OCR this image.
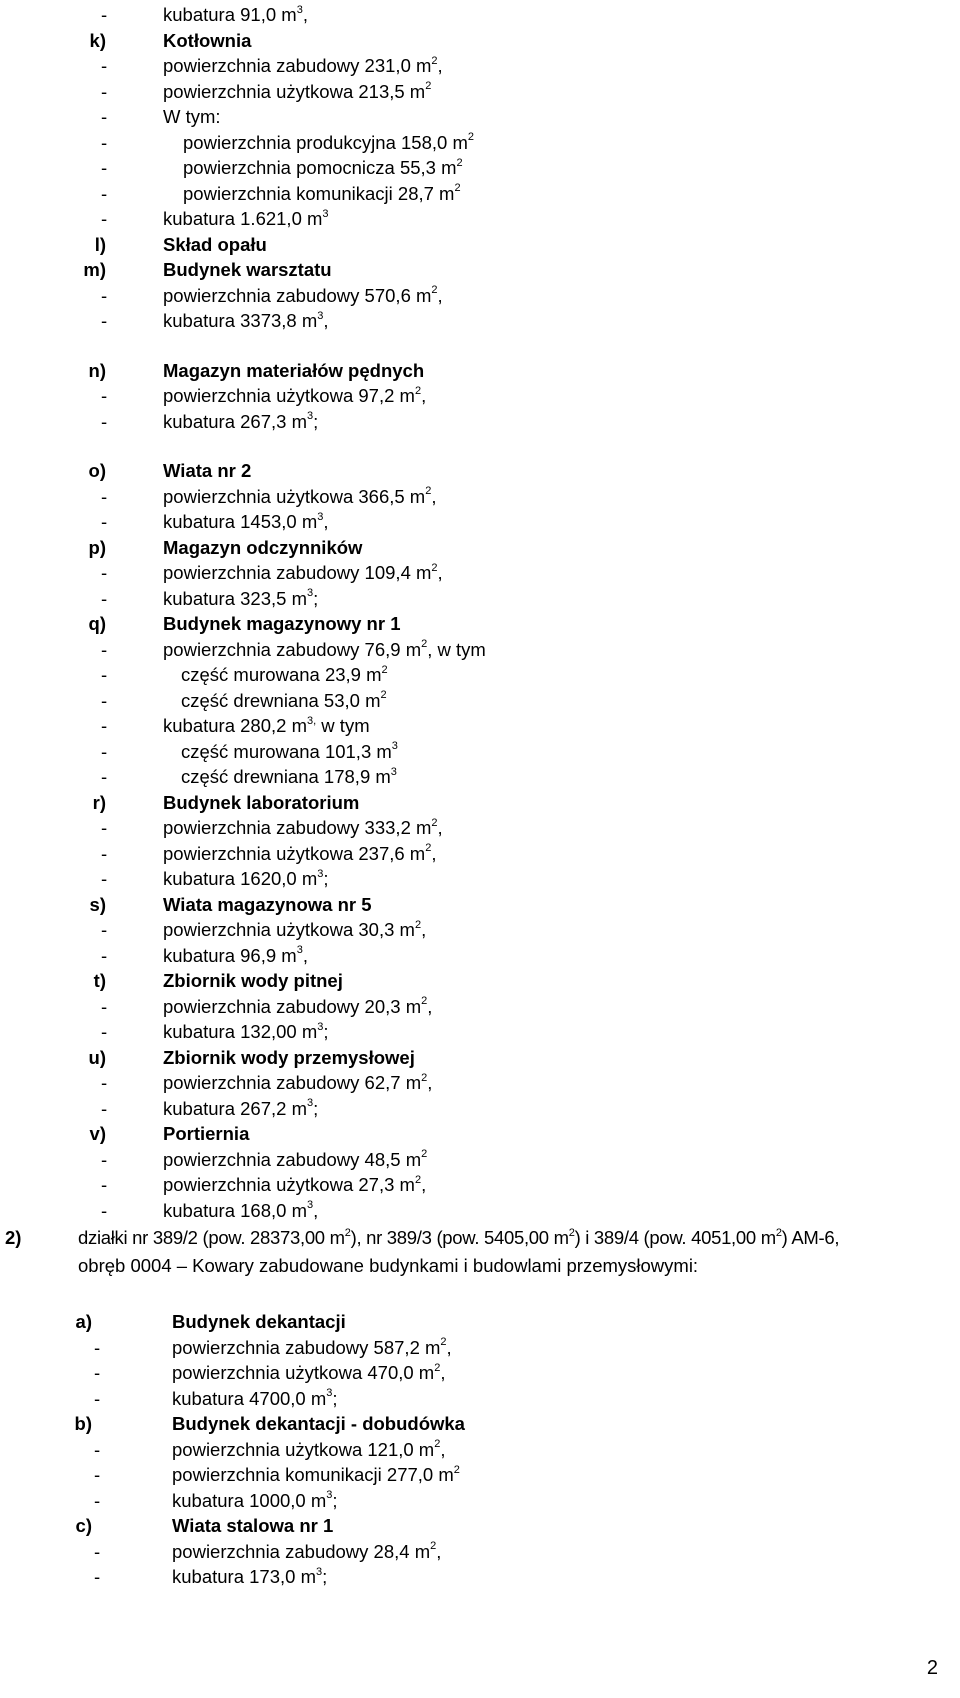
-	kubatura 91,0 $m^3$,
k)	Kotłownia
-	powierzchnia zabudowy 231,0 $m^2$,
-	powierzchnia użytkowa 213,5 $m^2$
-	W tym:
-	powierzchnia produkcyjna 158,0 $m^2$
-	powierzchnia pomocnicza 55,3 $m^2$
-	powierzchnia komunikacji 28,7 $m^2$
-	kubatura 1.621,0 $m^3$
l)	Skład opału
m)	Budynek warsztatu
-	powierzchnia zabudowy 570,6 $m^2$,
-	kubatura 3373,8 $m^3$,
n)	Magazyn materiałów pędnych
-	powierzchnia użytkowa 97,2 $m^2$,
-	kubatura 267,3 $m^3$;
o)	Wiata nr 2
-	powierzchnia użytkowa 366,5 $m^2$,
-	kubatura 1453,0 $m^3$,
p)	Magazyn odczynników
-	powierzchnia zabudowy 109,4 $m^2$,
-	kubatura 323,5 $m^3$;
q)	Budynek magazynowy nr 1
-	powierzchnia zabudowy 76,9 $m^2$, w tym
-	część murowana 23,9 $m^2$
-	część drewniana 53,0 $m^2$
-	kubatura 280,2 $m^{3,}$ w tym
-	część murowana 101,3 $m^3$
-	część drewniana 178,9 $m^3$
r)	Budynek laboratorium
-	powierzchnia zabudowy 333,2 $m^2$,
-	powierzchnia użytkowa 237,6 $m^2$,
-	kubatura 1620,0 $m^3$;
s)	Wiata magazynowa nr 5
-	powierzchnia użytkowa 30,3 $m^2$,
-	kubatura 96,9 $m^3$,
t)	Zbiornik wody pitnej
-	powierzchnia zabudowy 20,3 $m^2$,
-	kubatura 132,00 $m^3$;
u)	Zbiornik wody przemysłowej
-	powierzchnia zabudowy 62,7 $m^2$,
-	kubatura 267,2 $m^3$;
v)	Portiernia
-	powierzchnia zabudowy 48,5 $m^2$
-	powierzchnia użytkowa 27,3 $m^2$,
-	kubatura 168,0 $m^3$,
2)	działki nr 389/2 (pow. 28373,00 $m^2$), nr 389/3 (pow. 5405,00 $m^2$) i 389/4 (pow. 4051,00 $m^2$) AM-6,
obręb 0004 – Kowary zabudowane budynkami i budowlami przemysłowymi:
a)	Budynek dekantacji
-	powierzchnia zabudowy 587,2 $m^2$,
-	powierzchnia użytkowa 470,0 $m^2$,
-	kubatura 4700,0 $m^3$;
b)	Budynek dekantacji - dobudówka
-	powierzchnia użytkowa 121,0 $m^2$,
-	powierzchnia komunikacji 277,0 $m^2$
-	kubatura 1000,0 $m^3$;
c)	Wiata stalowa nr 1
-	powierzchnia zabudowy 28,4 $m^2$,
-	kubatura 173,0 $m^3$;
2
